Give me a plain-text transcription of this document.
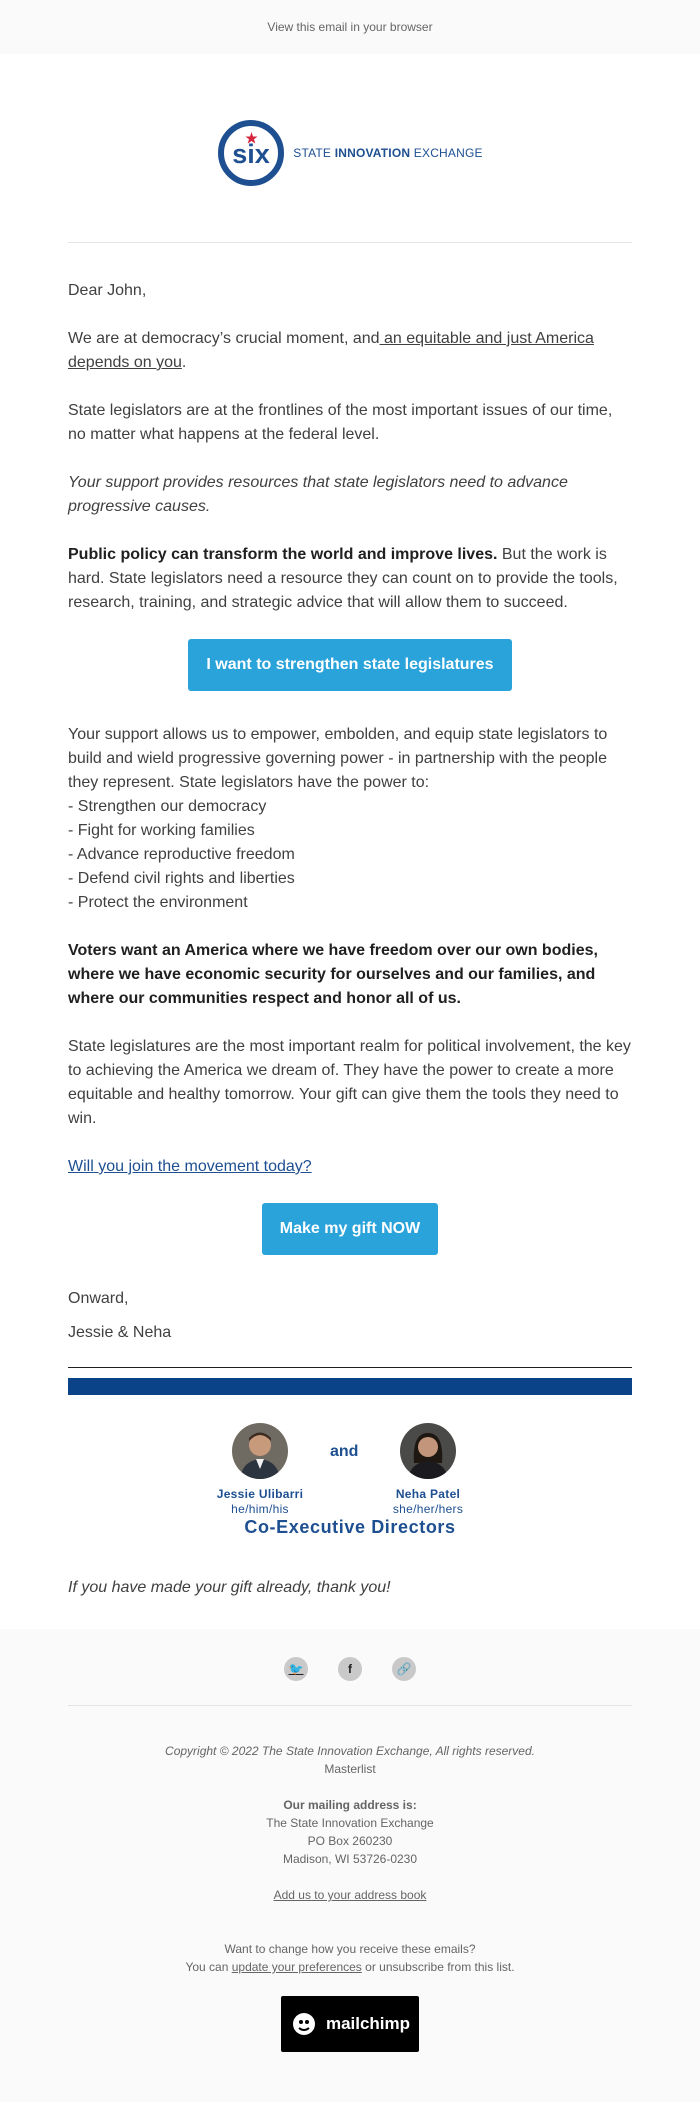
View this email in your browser
six STATE INNOVATION EXCHANGE

Dear John,

We are at democracy’s crucial moment, and an equitable and just America depends on you.

State legislators are at the frontlines of the most important issues of our time, no matter what happens at the federal level.

Your support provides resources that state legislators need to advance progressive causes.

Public policy can transform the world and improve lives. But the work is hard. State legislators need a resource they can count on to provide the tools, research, training, and strategic advice that will allow them to succeed.

I want to strengthen state legislatures
Your support allows us to empower, embolden, and equip state legislators to build and wield progressive governing power - in partnership with the people they represent. State legislators have the power to:
- Strengthen our democracy
- Fight for working families
- Advance reproductive freedom
- Defend civil rights and liberties
- Protect the environment

Voters want an America where we have freedom over our own bodies, where we have economic security for ourselves and our families, and where our communities respect and honor all of us.

State legislatures are the most important realm for political involvement, the key to achieving the America we dream of. They have the power to create a more equitable and healthy tomorrow. Your gift can give them the tools they need to win.

Will you join the movement today?

Make my gift NOW

Onward,

Jessie & Neha

Jessie Ulibarri
he/him/his
and
Neha Patel
she/her/hers
Co-Executive Directors
If you have made your gift already, thank you!
🐦	f	🔗
Copyright © 2022 The State Innovation Exchange, All rights reserved.
Masterlist
Our mailing address is:
The State Innovation Exchange
PO Box 260230
Madison, WI 53726-0230
Add us to your address book
Want to change how you receive these emails?
You can update your preferences or unsubscribe from this list.
mailchimp
